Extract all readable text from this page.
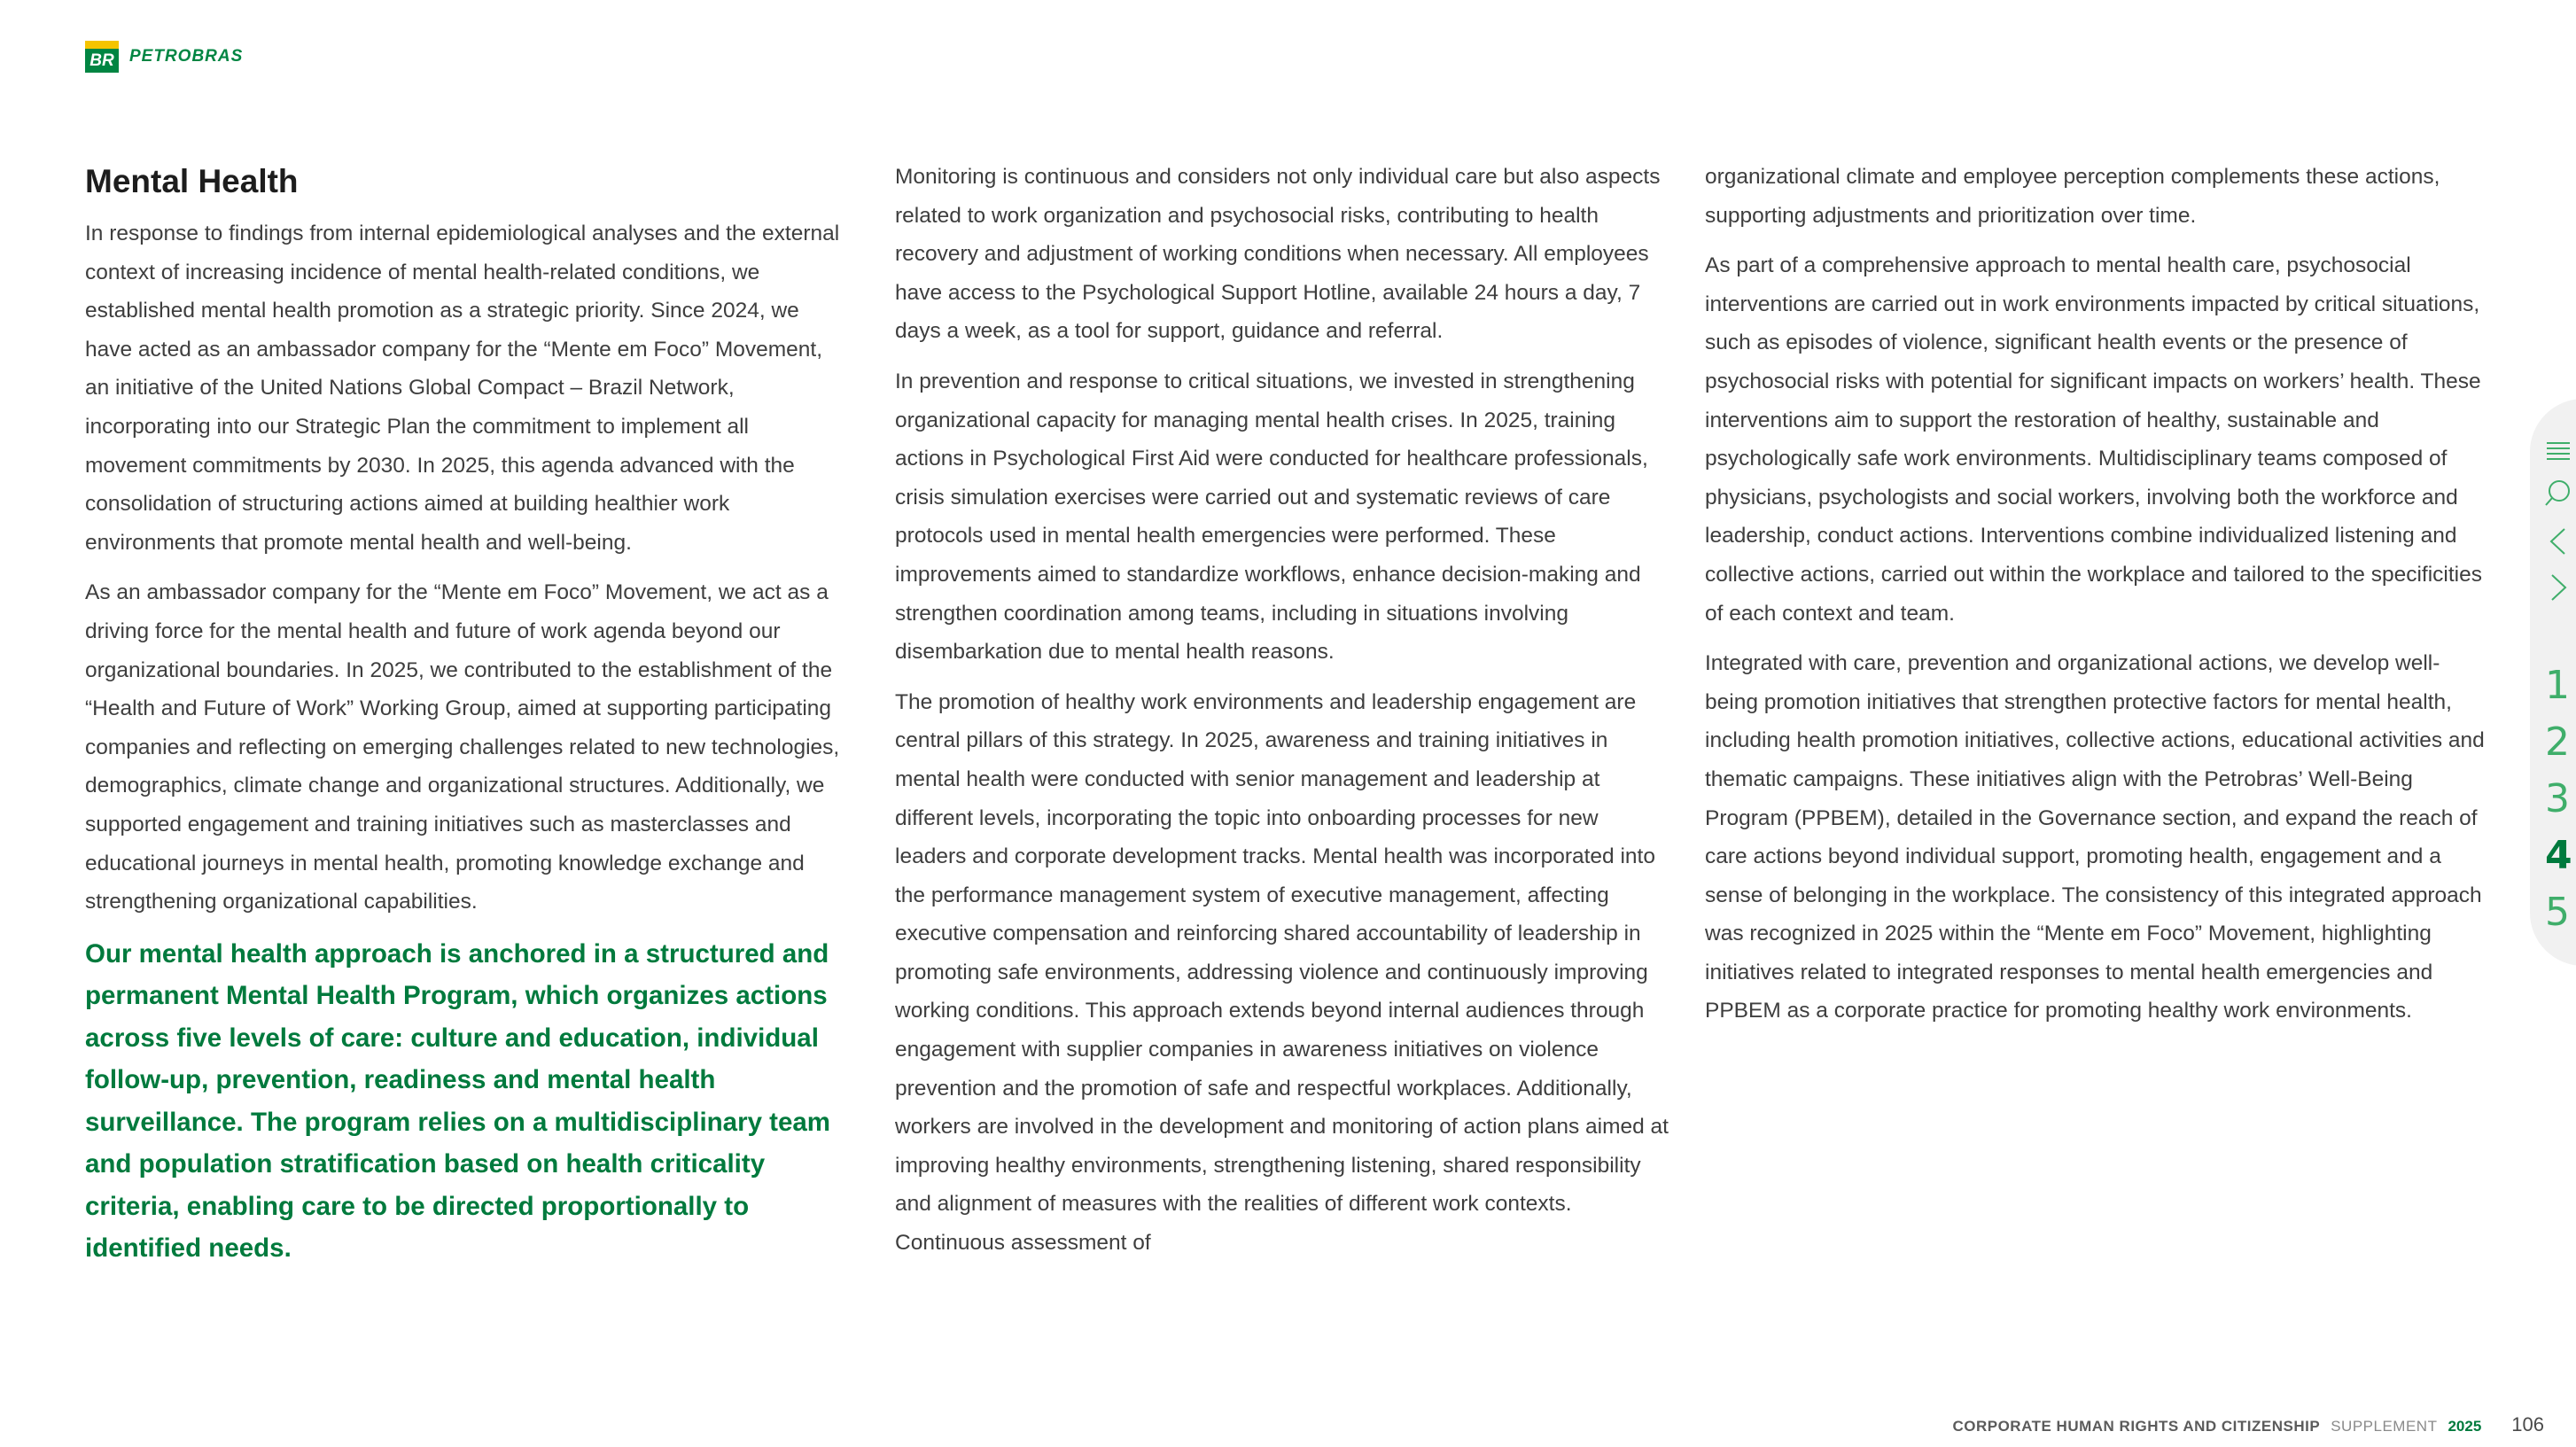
BR PETROBRAS
Mental Health

In response to findings from internal epidemiological analyses and the external context of increasing incidence of mental health-related conditions, we established mental health promotion as a strategic priority. Since 2024, we have acted as an ambassador company for the “Mente em Foco” Movement, an initiative of the United Nations Global Compact – Brazil Network, incorporating into our Strategic Plan the commitment to implement all movement commitments by 2030. In 2025, this agenda advanced with the consolidation of structuring actions aimed at building healthier work environments that promote mental health and well-being.

As an ambassador company for the “Mente em Foco” Movement, we act as a driving force for the mental health and future of work agenda beyond our organizational boundaries. In 2025, we contributed to the establishment of the “Health and Future of Work” Working Group, aimed at supporting participating companies and reflecting on emerging challenges related to new technologies, demographics, climate change and organizational structures. Additionally, we supported engagement and training initiatives such as masterclasses and educational journeys in mental health, promoting knowledge exchange and strengthening organizational capabilities.

Our mental health approach is anchored in a structured and permanent Mental Health Program, which organizes actions across five levels of care: culture and education, individual follow-up, prevention, readiness and mental health surveillance. The program relies on a multidisciplinary team and population stratification based on health criticality criteria, enabling care to be directed proportionally to identified needs.

Monitoring is continuous and considers not only individual care but also aspects related to work organization and psychosocial risks, contributing to health recovery and adjustment of working conditions when necessary. All employees have access to the Psychological Support Hotline, available 24 hours a day, 7 days a week, as a tool for support, guidance and referral.

In prevention and response to critical situations, we invested in strengthening organizational capacity for managing mental health crises. In 2025, training actions in Psychological First Aid were conducted for healthcare professionals, crisis simulation exercises were carried out and systematic reviews of care protocols used in mental health emergencies were performed. These improvements aimed to standardize workflows, enhance decision-making and strengthen coordination among teams, including in situations involving disembarkation due to mental health reasons.

The promotion of healthy work environments and leadership engagement are central pillars of this strategy. In 2025, awareness and training initiatives in mental health were conducted with senior management and leadership at different levels, incorporating the topic into onboarding processes for new leaders and corporate development tracks. Mental health was incorporated into the performance management system of executive management, affecting executive compensation and reinforcing shared accountability of leadership in promoting safe environments, addressing violence and continuously improving working conditions. This approach extends beyond internal audiences through engagement with supplier companies in awareness initiatives on violence prevention and the promotion of safe and respectful workplaces. Additionally, workers are involved in the development and monitoring of action plans aimed at improving healthy environments, strengthening listening, shared responsibility and alignment of measures with the realities of different work contexts. Continuous assessment of

organizational climate and employee perception complements these actions, supporting adjustments and prioritization over time.

As part of a comprehensive approach to mental health care, psychosocial interventions are carried out in work environments impacted by critical situations, such as episodes of violence, significant health events or the presence of psychosocial risks with potential for significant impacts on workers’ health. These interventions aim to support the restoration of healthy, sustainable and psychologically safe work environments. Multidisciplinary teams composed of physicians, psychologists and social workers, involving both the workforce and leadership, conduct actions. Interventions combine individualized listening and collective actions, carried out within the workplace and tailored to the specificities of each context and team.

Integrated with care, prevention and organizational actions, we develop well-being promotion initiatives that strengthen protective factors for mental health, including health promotion initiatives, collective actions, educational activities and thematic campaigns. These initiatives align with the Petrobras’ Well-Being Program (PPBEM), detailed in the Governance section, and expand the reach of care actions beyond individual support, promoting health, engagement and a sense of belonging in the workplace. The consistency of this integrated approach was recognized in 2025 within the “Mente em Foco” Movement, highlighting initiatives related to integrated responses to mental health emergencies and PPBEM as a corporate practice for promoting healthy work environments.

1
2
3
4
5
CORPORATE HUMAN RIGHTS AND CITIZENSHIP SUPPLEMENT 2025 106
